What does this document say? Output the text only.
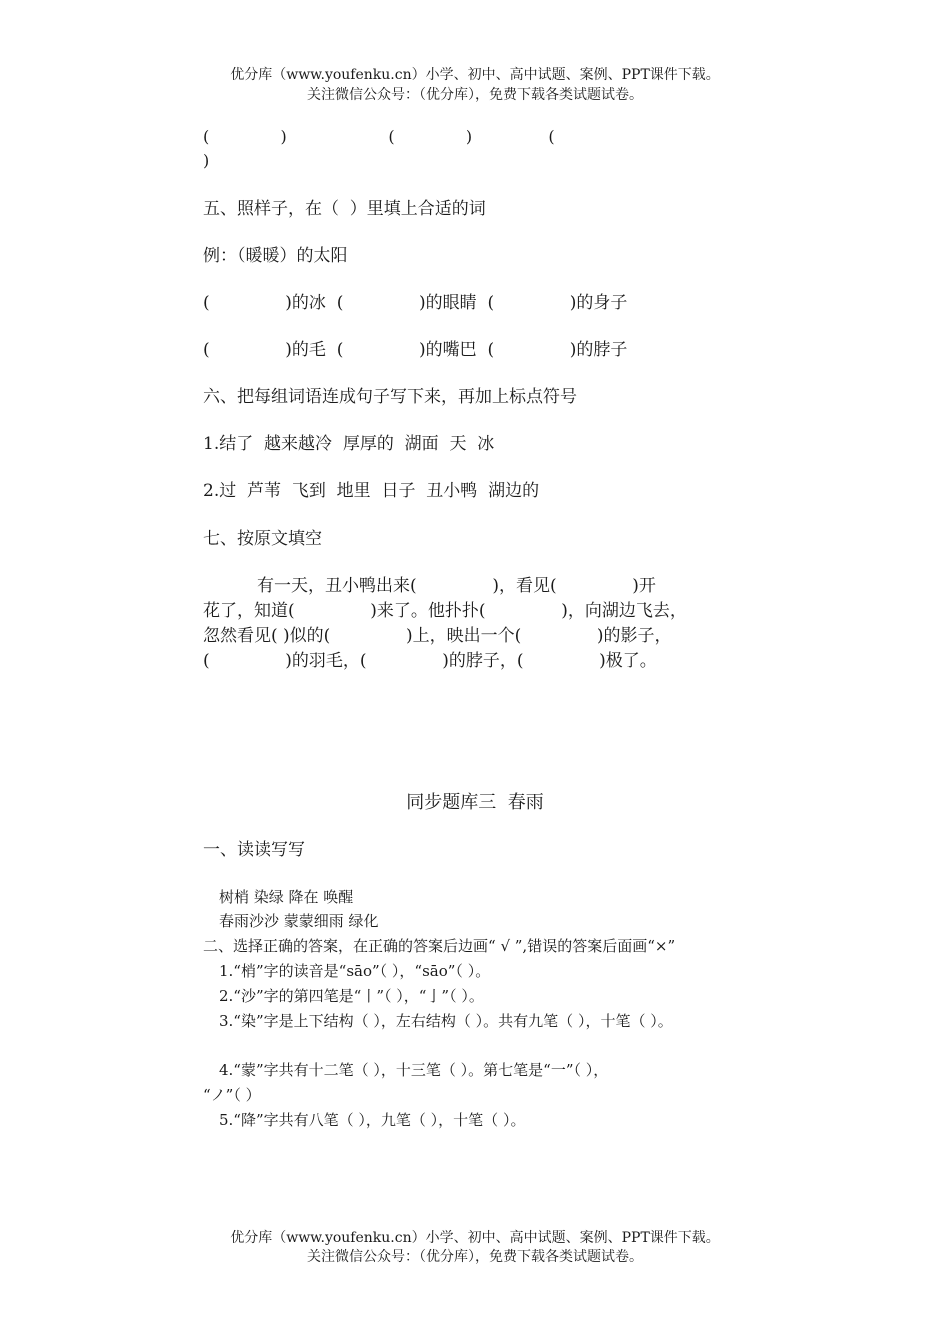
优分库（www.youfenku.cn）小学、初中、高中试题、案例、PPT课件下载。
关注微信公众号：（优分库），免费下载各类试题试卷。
(              )                    (              )               (
)
五、照样子，在（  ）里填上合适的词
例：（暖暖）的太阳
(              )的冰  (              )的眼睛  (              )的身子
(              )的毛  (              )的嘴巴  (              )的脖子
六、把每组词语连成句子写下来，再加上标点符号
1.结了  越来越冷  厚厚的  湖面  天  冰
2.过  芦苇  飞到  地里  日子  丑小鸭  湖边的
七、按原文填空
有一天，丑小鸭出来(              )，看见(              )开
花了，知道(              )来了。他扑扑(              )，向湖边飞去，
忽然看见( )似的(              )上，映出一个(              )的影子，
(              )的羽毛，(              )的脖子，(              )极了。
同步题库三  春雨
一、读读写写
树梢 染绿 降在 唤醒
春雨沙沙 蒙蒙细雨 绿化
二、选择正确的答案，在正确的答案后边画“ √ ”,错误的答案后面画“×”
1.“梢”字的读音是“sāo”（ ），“sāo”（ ）。
2.“沙”字的第四笔是“丨”（ ），“亅”（ ）。
3.“染”字是上下结构（ ），左右结构（ ）。共有九笔（ ），十笔（ ）。
4.“蒙”字共有十二笔（ ），十三笔（ ）。第七笔是“一”（ ），
“ノ”（ ）
5.“降”字共有八笔（ ），九笔（ ），十笔（ ）。
优分库（www.youfenku.cn）小学、初中、高中试题、案例、PPT课件下载。
关注微信公众号：（优分库），免费下载各类试题试卷。
